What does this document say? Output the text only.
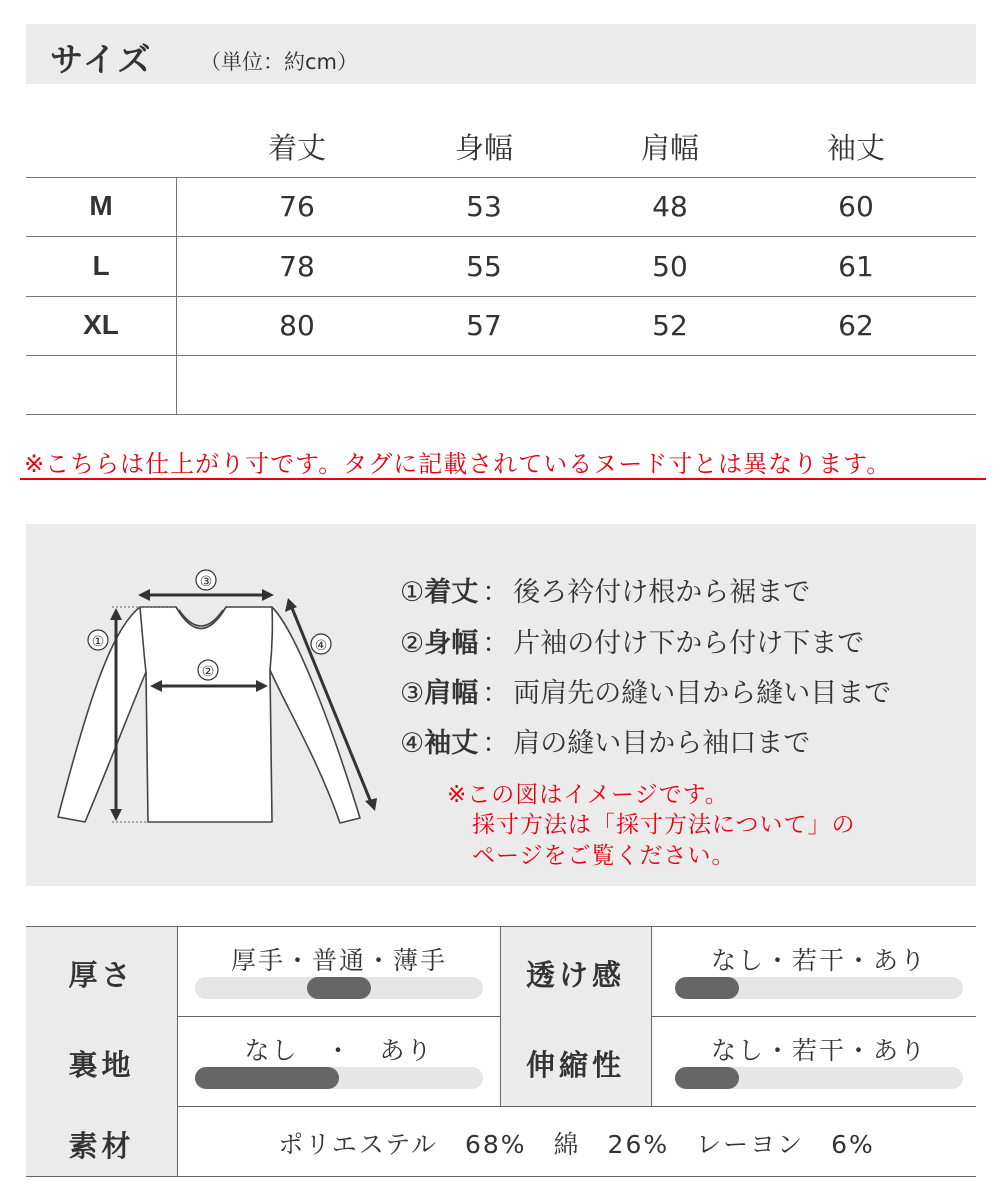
サイズ （単位：約cm）
着丈	身幅	肩幅	袖丈
M	76	53	48	60
L	78	55	50	61
XL	80	57	52	62
※こちらは仕上がり寸です。タグに記載されているヌード寸とは異なります。
③
②
①	④
①着丈 ： 後ろ衿付け根から裾まで
②身幅 ： 片袖の付け下から付け下まで
③肩幅 ： 両肩先の縫い目から縫い目まで
④袖丈 ： 肩の縫い目から袖口まで
※この図はイメージです。
採寸方法は「採寸方法について」の
ページをご覧ください。
厚さ	厚手・普通・薄手	透け感	なし・若干・あり
裏地	なし　・　あり	伸縮性	なし・若干・あり
素材	ポリエステル　68%　綿　26%　レーヨン　6%
